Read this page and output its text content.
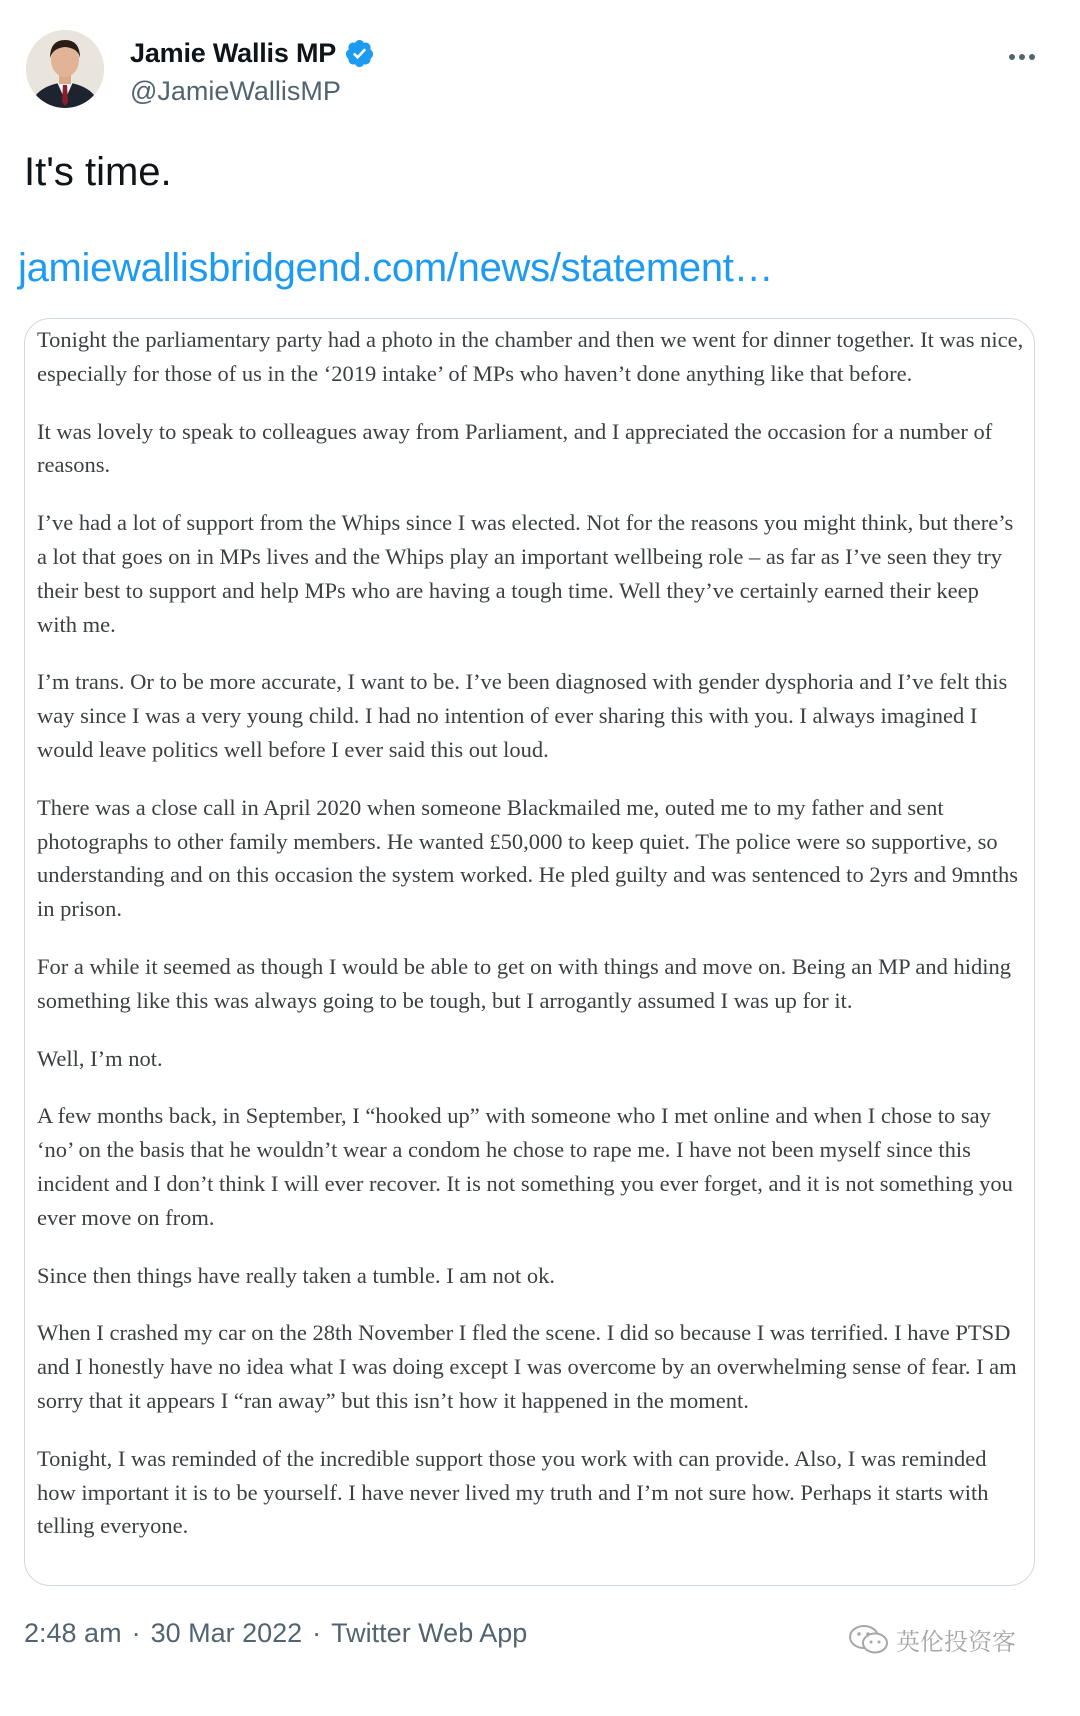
Jamie Wallis MP
@JamieWallisMP
It's time.
jamiewallisbridgend.com/news/statement…

Tonight the parliamentary party had a photo in the chamber and then we went for dinner together. It was nice, especially for those of us in the ‘2019 intake’ of MPs who haven’t done anything like that before.

It was lovely to speak to colleagues away from Parliament, and I appreciated the occasion for a number of reasons.

I’ve had a lot of support from the Whips since I was elected. Not for the reasons you might think, but there’s a lot that goes on in MPs lives and the Whips play an important wellbeing role – as far as I’ve seen they try their best to support and help MPs who are having a tough time. Well they’ve certainly earned their keep with me.

I’m trans. Or to be more accurate, I want to be. I’ve been diagnosed with gender dysphoria and I’ve felt this way since I was a very young child. I had no intention of ever sharing this with you. I always imagined I would leave politics well before I ever said this out loud.

There was a close call in April 2020 when someone Blackmailed me, outed me to my father and sent photographs to other family members. He wanted £50,000 to keep quiet. The police were so supportive, so understanding and on this occasion the system worked. He pled guilty and was sentenced to 2yrs and 9mnths in prison.

For a while it seemed as though I would be able to get on with things and move on. Being an MP and hiding something like this was always going to be tough, but I arrogantly assumed I was up for it.

Well, I’m not.

A few months back, in September, I “hooked up” with someone who I met online and when I chose to say ‘no’ on the basis that he wouldn’t wear a condom he chose to rape me. I have not been myself since this incident and I don’t think I will ever recover. It is not something you ever forget, and it is not something you ever move on from.

Since then things have really taken a tumble. I am not ok.

When I crashed my car on the 28th November I fled the scene. I did so because I was terrified. I have PTSD and I honestly have no idea what I was doing except I was overcome by an overwhelming sense of fear. I am sorry that it appears I “ran away” but this isn’t how it happened in the moment.

Tonight, I was reminded of the incredible support those you work with can provide. Also, I was reminded how important it is to be yourself. I have never lived my truth and I’m not sure how. Perhaps it starts with telling everyone.

2:48 am · 30 Mar 2022 · Twitter Web App	英伦投资客
